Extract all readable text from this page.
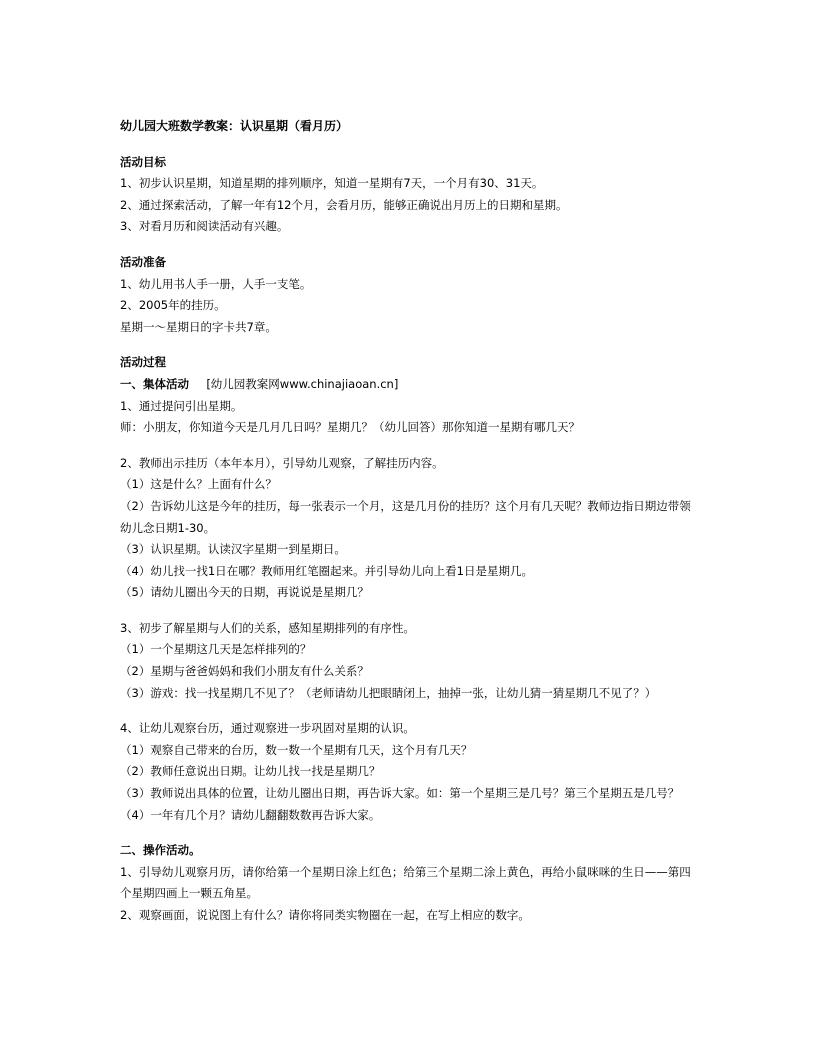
幼儿园大班数学教案：认识星期（看月历）
活动目标
1、初步认识星期，知道星期的排列顺序，知道一星期有7天，一个月有30、31天。
2、通过探索活动，了解一年有12个月，会看月历，能够正确说出月历上的日期和星期。
3、对看月历和阅读活动有兴趣。
活动准备
1、幼儿用书人手一册，人手一支笔。
2、2005年的挂历。
星期一～星期日的字卡共7章。
活动过程
一、集体活动 [幼儿园教案网www.chinajiaoan.cn]
1、通过提问引出星期。
师：小朋友，你知道今天是几月几日吗？星期几？（幼儿回答）那你知道一星期有哪几天？
2、教师出示挂历（本年本月），引导幼儿观察，了解挂历内容。
（1）这是什么？上面有什么？
（2）告诉幼儿这是今年的挂历，每一张表示一个月，这是几月份的挂历？这个月有几天呢？教师边指日期边带领幼儿念日期1-30。
（3）认识星期。认读汉字星期一到星期日。
（4）幼儿找一找1日在哪？教师用红笔圈起来。并引导幼儿向上看1日是星期几。
（5）请幼儿圈出今天的日期，再说说是星期几？
3、初步了解星期与人们的关系，感知星期排列的有序性。
（1）一个星期这几天是怎样排列的？
（2）星期与爸爸妈妈和我们小朋友有什么关系？
（3）游戏：找一找星期几不见了？（老师请幼儿把眼睛闭上，抽掉一张，让幼儿猜一猜星期几不见了？）
4、让幼儿观察台历，通过观察进一步巩固对星期的认识。
（1）观察自己带来的台历，数一数一个星期有几天，这个月有几天？
（2）教师任意说出日期。让幼儿找一找是星期几？
（3）教师说出具体的位置，让幼儿圈出日期，再告诉大家。如：第一个星期三是几号？第三个星期五是几号？
（4）一年有几个月？请幼儿翻翻数数再告诉大家。
二、操作活动。
1、引导幼儿观察月历，请你给第一个星期日涂上红色；给第三个星期二涂上黄色，再给小鼠咪咪的生日——第四个星期四画上一颗五角星。
2、观察画面，说说图上有什么？请你将同类实物圈在一起，在写上相应的数字。
